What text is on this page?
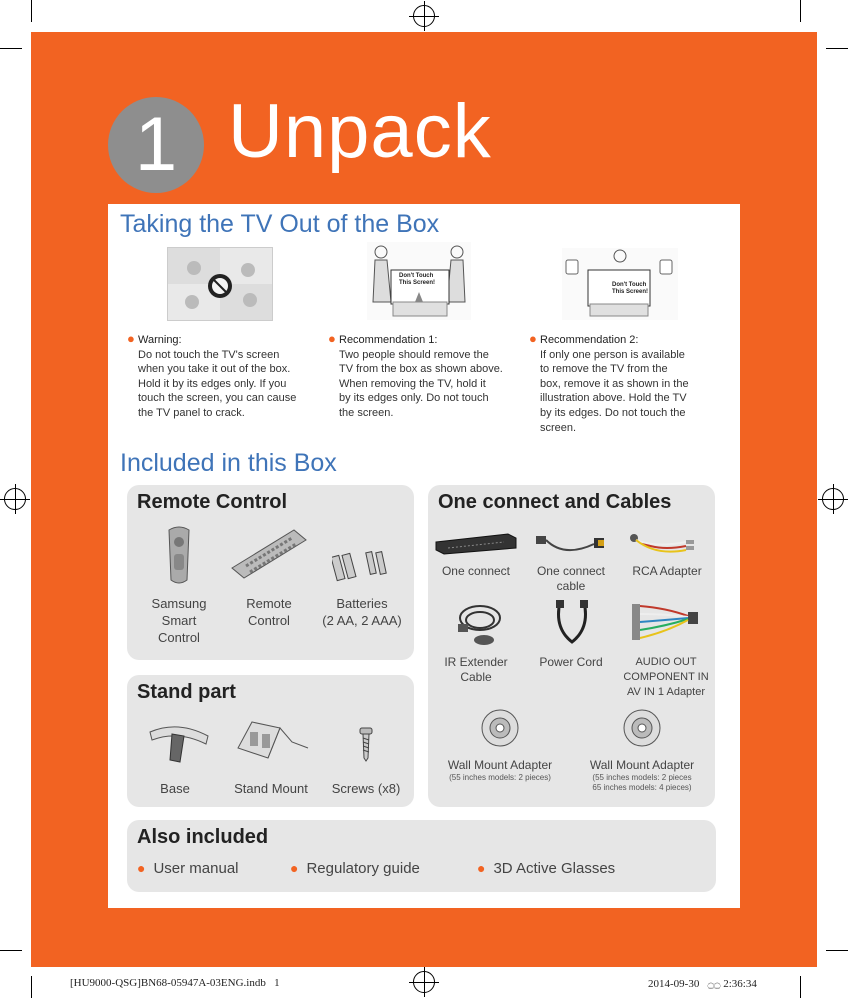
1 Unpack
Taking the TV Out of the Box
Don't Touch This Screen!	Don't Touch This Screen!
● Warning:
Do not touch the TV's screen
when you take it out of the box.
Hold it by its edges only. If you
touch the screen, you can cause
the TV panel to crack.
● Recommendation 1:
Two people should remove the
TV from the box as shown above.
When removing the TV, hold it
by its edges only. Do not touch
the screen.
● Recommendation 2:
If only one person is available
to remove the TV from the
box, remove it as shown in the
illustration above. Hold the TV
by its edges. Do not touch the
screen.
Included in this Box
Remote Control
Samsung
Smart
Control
Remote
Control
Batteries
(2 AA, 2 AAA)
Stand part
Base	Stand Mount	Screws (x8)
One connect and Cables
One connect	One connect
cable
RCA Adapter
IR Extender
Cable
Power Cord	AUDIO OUT
COMPONENT IN
AV IN 1 Adapter
Wall Mount Adapter
(55 inches models: 2 pieces)
Wall Mount Adapter
(55 inches models: 2 pieces
65 inches models: 4 pieces)
Also included
● User manual	● Regulatory guide	● 3D Active Glasses
[HU9000-QSG]BN68-05947A-03ENG.indb   1	2014-09-30   ۝۝ 2:36:34
